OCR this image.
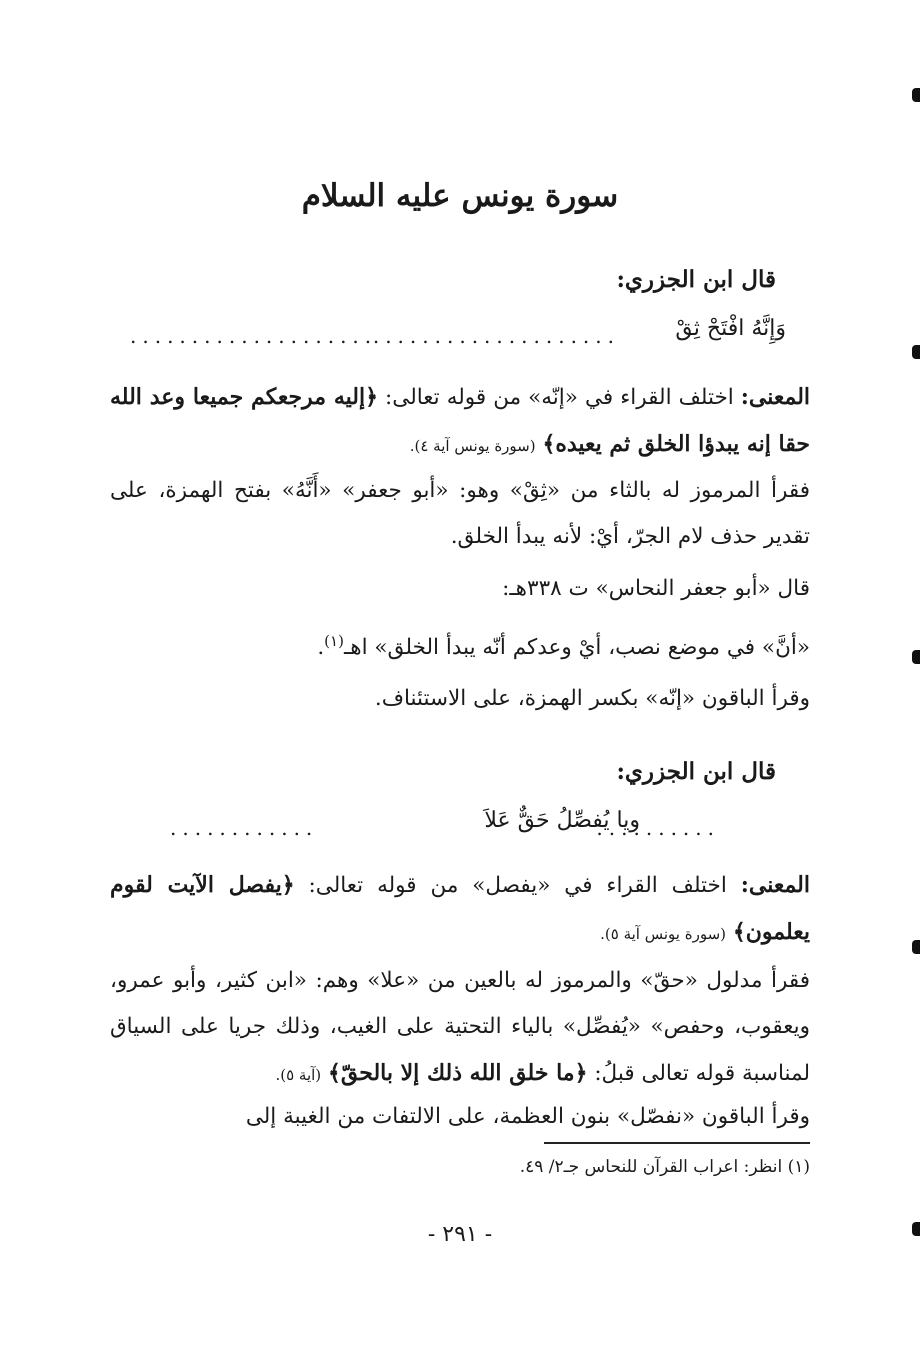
سورة يونس عليه السلام
قال ابن الجزري:
وَإِنَّهُ افْتَحْ ثِقْ
....................
....................
المعنى: اختلف القراء في «إنّه» من قوله تعالى: ﴿إليه مرجعكم جميعا وعد الله حقا إنه يبدؤا الخلق ثم يعيده﴾ (سورة يونس آية ٤).
فقرأ المرموز له بالثاء من «ثِقْ» وهو: «أبو جعفر» «أَنَّهُ» بفتح الهمزة، على تقدير حذف لام الجرّ، أيْ: لأنه يبدأ الخلق.
قال «أبو جعفر النحاس» ت ٣٣٨هـ:
«أنَّ» في موضع نصب، أيْ وعدكم أنّه يبدأ الخلق» اهـ$^{(١)}$.
وقرأ الباقون «إنّه» بكسر الهمزة، على الاستئناف.
قال ابن الجزري:
..........
ويا يُفصِّلُ حَقٌّ عَلاَ
............
المعنى: اختلف القراء في «يفصل» من قوله تعالى: ﴿يفصل الآيت لقوم يعلمون﴾ (سورة يونس آية ٥).
فقرأ مدلول «حقّ» والمرموز له بالعين من «علا» وهم: «ابن كثير، وأبو عمرو، ويعقوب، وحفص» «يُفصِّل» بالياء التحتية على الغيب، وذلك جريا على السياق لمناسبة قوله تعالى قبلُ: ﴿ما خلق الله ذلك إلا بالحقّ﴾ (آية ٥).
وقرأ الباقون «نفصّل» بنون العظمة، على الالتفات من الغيبة إلى
(١) انظر: اعراب القرآن للنحاس جـ٢/ ٤٩.
- ٢٩١ -
